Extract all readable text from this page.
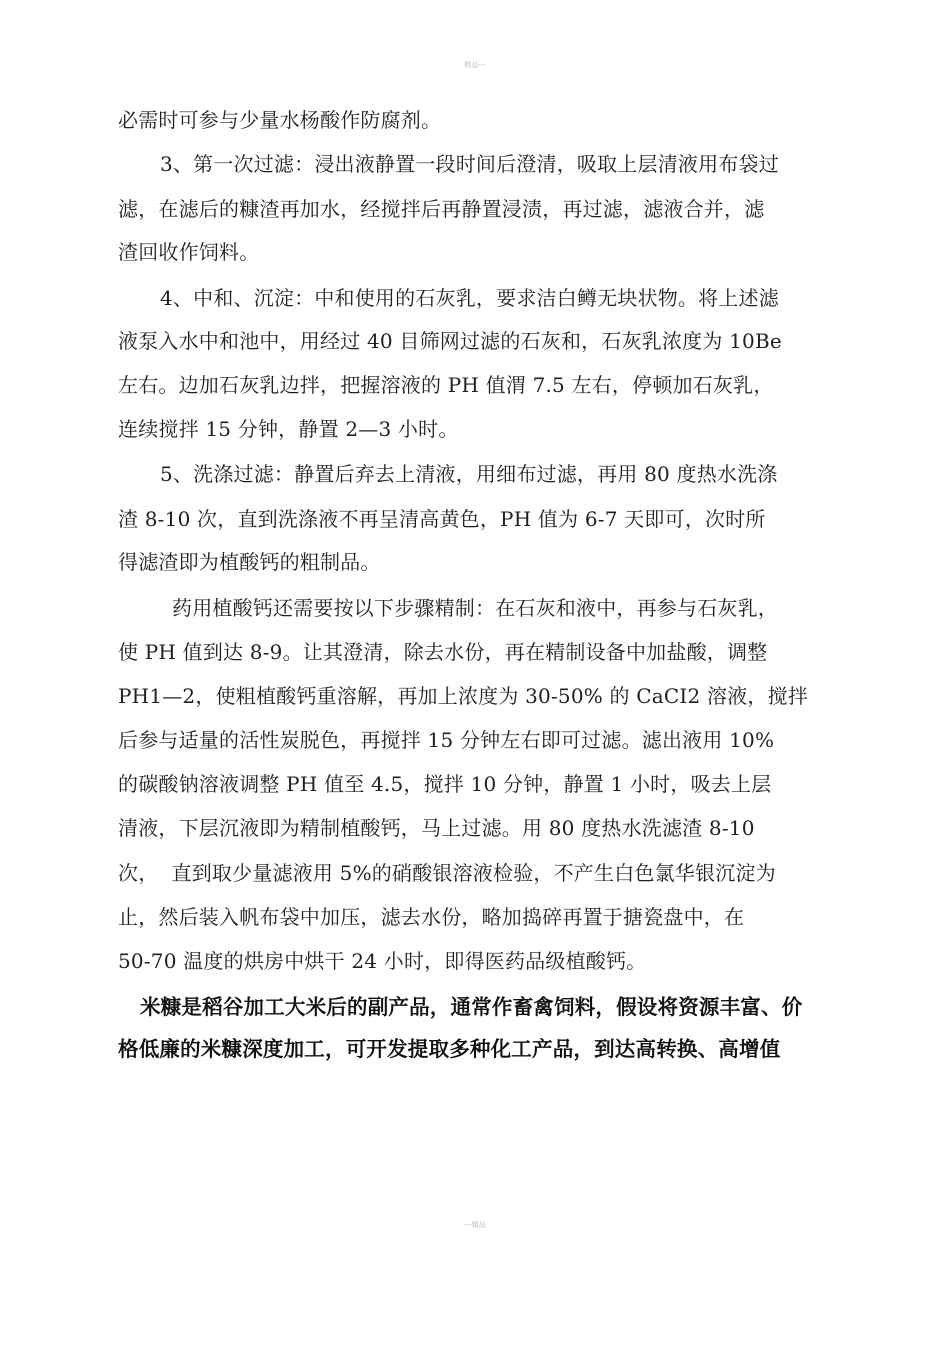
精品---
必需时可参与少量水杨酸作防腐剂。
3、第一次过滤：浸出液静置一段时间后澄清，吸取上层清液用布袋过
滤，在滤后的糠渣再加水，经搅拌后再静置浸渍，再过滤，滤液合并，滤
渣回收作饲料。
4、中和、沉淀：中和使用的石灰乳，要求洁白鳟无块状物。将上述滤
液泵入水中和池中，用经过 40 目筛网过滤的石灰和，石灰乳浓度为 10Be
左右。边加石灰乳边拌，把握溶液的 PH 值渭 7.5 左右，停顿加石灰乳，
连续搅拌 15 分钟，静置 2—3 小时。
5、洗涤过滤：静置后弃去上清液，用细布过滤，再用 80 度热水洗涤
渣 8-10 次，直到洗涤液不再呈清高黄色，PH 值为 6-7 天即可，次时所
得滤渣即为植酸钙的粗制品。
药用植酸钙还需要按以下步骤精制：在石灰和液中，再参与石灰乳，
使 PH 值到达 8-9。让其澄清，除去水份，再在精制设备中加盐酸，调整
PH1—2，使粗植酸钙重溶解，再加上浓度为 30-50% 的 CaCI2 溶液，搅拌
后参与适量的活性炭脱色，再搅拌 15 分钟左右即可过滤。滤出液用 10%
的碳酸钠溶液调整 PH 值至 4.5，搅拌 10 分钟，静置 1 小时，吸去上层
清液，下层沉液即为精制植酸钙，马上过滤。用 80 度热水洗滤渣 8-10
次，  直到取少量滤液用 5%的硝酸银溶液检验，不产生白色氯华银沉淀为
止，然后装入帆布袋中加压，滤去水份，略加捣碎再置于搪瓷盘中，在
50-70 温度的烘房中烘干 24 小时，即得医药品级植酸钙。
米糠是稻谷加工大米后的副产品，通常作畜禽饲料，假设将资源丰富、价
格低廉的米糠深度加工，可开发提取多种化工产品，到达高转换、高增值
---精品
